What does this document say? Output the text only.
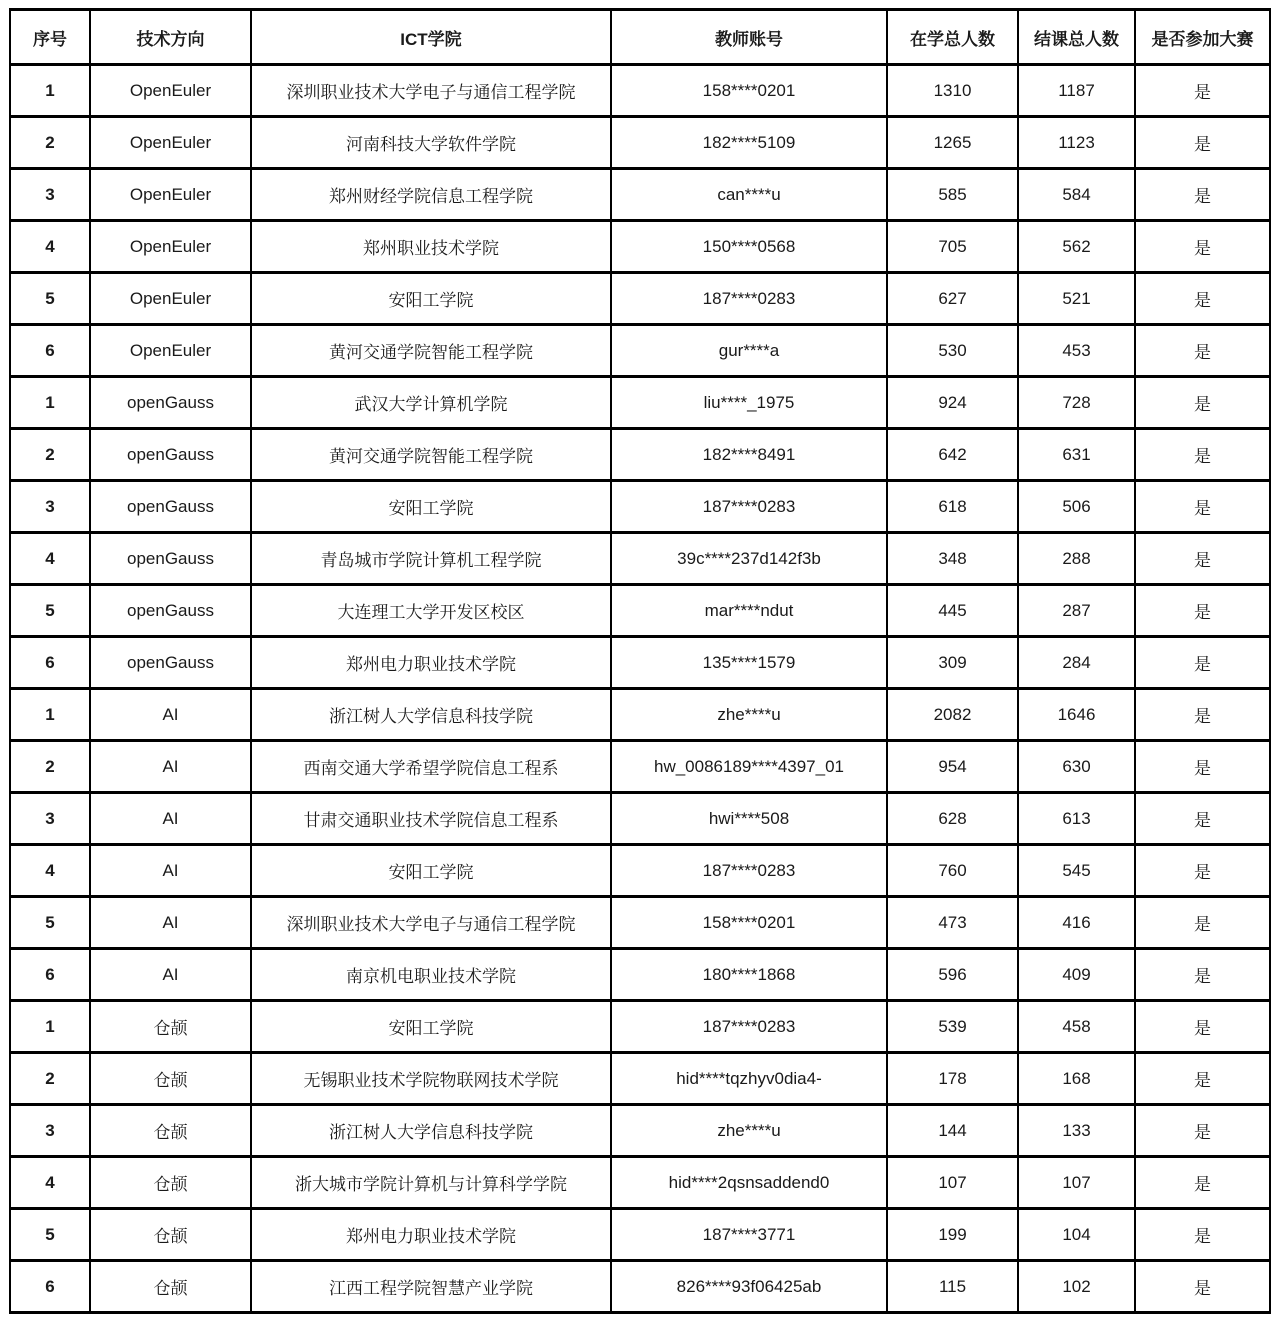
序号	技术方向	ICT学院	教师账号	在学总人数	结课总人数	是否参加大赛
1	OpenEuler	深圳职业技术大学电子与通信工程学院	158****0201	1310	1187	是
2	OpenEuler	河南科技大学软件学院	182****5109	1265	1123	是
3	OpenEuler	郑州财经学院信息工程学院	can****u	585	584	是
4	OpenEuler	郑州职业技术学院	150****0568	705	562	是
5	OpenEuler	安阳工学院	187****0283	627	521	是
6	OpenEuler	黄河交通学院智能工程学院	gur****a	530	453	是
1	openGauss	武汉大学计算机学院	liu****_1975	924	728	是
2	openGauss	黄河交通学院智能工程学院	182****8491	642	631	是
3	openGauss	安阳工学院	187****0283	618	506	是
4	openGauss	青岛城市学院计算机工程学院	39c****237d142f3b	348	288	是
5	openGauss	大连理工大学开发区校区	mar****ndut	445	287	是
6	openGauss	郑州电力职业技术学院	135****1579	309	284	是
1	AI	浙江树人大学信息科技学院	zhe****u	2082	1646	是
2	AI	西南交通大学希望学院信息工程系	hw_0086189****4397_01	954	630	是
3	AI	甘肃交通职业技术学院信息工程系	hwi****508	628	613	是
4	AI	安阳工学院	187****0283	760	545	是
5	AI	深圳职业技术大学电子与通信工程学院	158****0201	473	416	是
6	AI	南京机电职业技术学院	180****1868	596	409	是
1	仓颉	安阳工学院	187****0283	539	458	是
2	仓颉	无锡职业技术学院物联网技术学院	hid****tqzhyv0dia4-	178	168	是
3	仓颉	浙江树人大学信息科技学院	zhe****u	144	133	是
4	仓颉	浙大城市学院计算机与计算科学学院	hid****2qsnsaddend0	107	107	是
5	仓颉	郑州电力职业技术学院	187****3771	199	104	是
6	仓颉	江西工程学院智慧产业学院	826****93f06425ab	115	102	是
